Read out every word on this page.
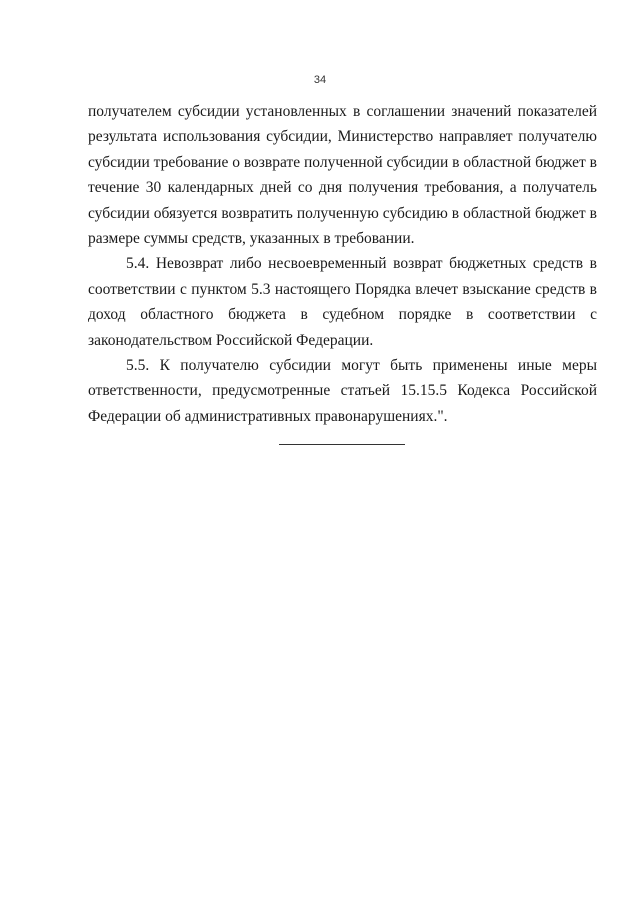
34

получателем субсидии установленных в соглашении значений показателей результата использования субсидии, Министерство направляет получателю субсидии требование о возврате полученной субсидии в областной бюджет в течение 30 календарных дней со дня получения требования, а получатель субсидии обязуется возвратить полученную субсидию в областной бюджет в размере суммы средств, указанных в требовании.

5.4. Невозврат либо несвоевременный возврат бюджетных средств в соответствии с пунктом 5.3 настоящего Порядка влечет взыскание средств в доход областного бюджета в судебном порядке в соответствии с законодательством Российской Федерации.

5.5. К получателю субсидии могут быть применены иные меры ответственности, предусмотренные статьей 15.15.5 Кодекса Российской Федерации об административных правонарушениях.".
